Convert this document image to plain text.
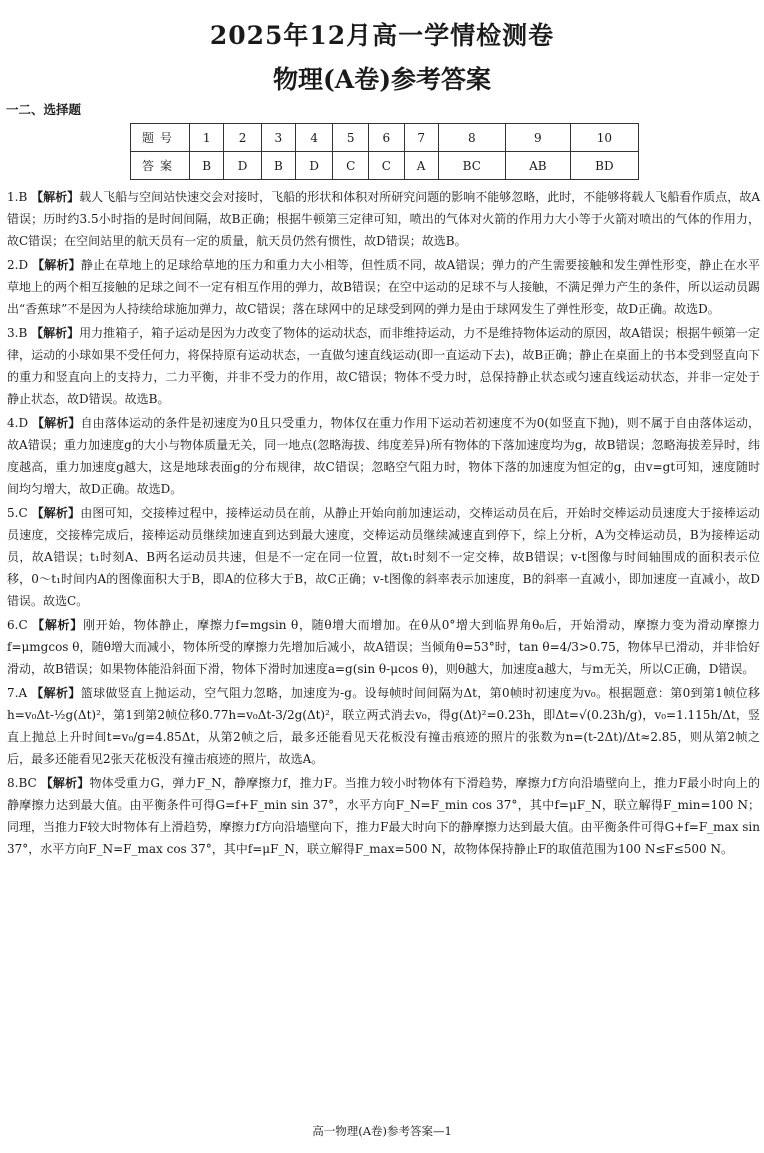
2025年12月高一学情检测卷
物理(A卷)参考答案
一二、选择题
题号	1	2	3	4	5	6	7	8	9	10
答案	B	D	B	D	C	C	A	BC	AB	BD
1.B 【解析】载人飞船与空间站快速交会对接时，飞船的形状和体积对所研究问题的影响不能够忽略，此时，不能够将载人飞船看作质点，故A错误；历时约3.5小时指的是时间间隔，故B正确；根据牛顿第三定律可知，喷出的气体对火箭的作用力大小等于火箭对喷出的气体的作用力，故C错误；在空间站里的航天员有一定的质量，航天员仍然有惯性，故D错误；故选B。
2.D 【解析】静止在草地上的足球给草地的压力和重力大小相等，但性质不同，故A错误；弹力的产生需要接触和发生弹性形变，静止在水平草地上的两个相互接触的足球之间不一定有相互作用的弹力，故B错误；在空中运动的足球不与人接触，不满足弹力产生的条件，所以运动员踢出“香蕉球”不是因为人持续给球施加弹力，故C错误；落在球网中的足球受到网的弹力是由于球网发生了弹性形变，故D正确。故选D。
3.B 【解析】用力推箱子，箱子运动是因为力改变了物体的运动状态，而非维持运动，力不是维持物体运动的原因，故A错误；根据牛顿第一定律，运动的小球如果不受任何力，将保持原有运动状态，一直做匀速直线运动(即一直运动下去)，故B正确；静止在桌面上的书本受到竖直向下的重力和竖直向上的支持力，二力平衡，并非不受力的作用，故C错误；物体不受力时，总保持静止状态或匀速直线运动状态，并非一定处于静止状态，故D错误。故选B。
4.D 【解析】自由落体运动的条件是初速度为0且只受重力，物体仅在重力作用下运动若初速度不为0(如竖直下抛)，则不属于自由落体运动，故A错误；重力加速度g的大小与物体质量无关，同一地点(忽略海拔、纬度差异)所有物体的下落加速度均为g，故B错误；忽略海拔差异时，纬度越高，重力加速度g越大，这是地球表面g的分布规律，故C错误；忽略空气阻力时，物体下落的加速度为恒定的g，由v=gt可知，速度随时间均匀增大，故D正确。故选D。
5.C 【解析】由图可知，交接棒过程中，接棒运动员在前，从静止开始向前加速运动，交棒运动员在后，开始时交棒运动员速度大于接棒运动员速度，交接棒完成后，接棒运动员继续加速直到达到最大速度，交棒运动员继续减速直到停下，综上分析，A为交棒运动员，B为接棒运动员，故A错误；t₁时刻A、B两名运动员共速，但是不一定在同一位置，故t₁时刻不一定交棒，故B错误；v-t图像与时间轴围成的面积表示位移，0～t₁时间内A的图像面积大于B，即A的位移大于B，故C正确；v-t图像的斜率表示加速度，B的斜率一直减小，即加速度一直减小，故D错误。故选C。
6.C 【解析】刚开始，物体静止，摩擦力f=mgsin θ，随θ增大而增加。在θ从0°增大到临界角θ₀后，开始滑动，摩擦力变为滑动摩擦力f=μmgcos θ，随θ增大而减小，物体所受的摩擦力先增加后减小，故A错误；当倾角θ=53°时，tan θ=4/3>0.75，物体早已滑动，并非恰好滑动，故B错误；如果物体能沿斜面下滑，物体下滑时加速度a=g(sin θ-μcos θ)，则θ越大，加速度a越大，与m无关，所以C正确，D错误。
7.A 【解析】篮球做竖直上抛运动，空气阻力忽略，加速度为-g。设每帧时间间隔为Δt，第0帧时初速度为v₀。根据题意：第0到第1帧位移h=v₀Δt-½g(Δt)²，第1到第2帧位移0.77h=v₀Δt-3/2g(Δt)²，联立两式消去v₀，得g(Δt)²=0.23h，即Δt=√(0.23h/g)，v₀=1.115h/Δt，竖直上抛总上升时间t=v₀/g=4.85Δt，从第2帧之后，最多还能看见天花板没有撞击痕迹的照片的张数为n=(t-2Δt)/Δt≈2.85，则从第2帧之后，最多还能看见2张天花板没有撞击痕迹的照片，故选A。
8.BC 【解析】物体受重力G，弹力F_N，静摩擦力f，推力F。当推力较小时物体有下滑趋势，摩擦力f方向沿墙壁向上，推力F最小时向上的静摩擦力达到最大值。由平衡条件可得G=f+F_min sin 37°，水平方向F_N=F_min cos 37°，其中f=μF_N，联立解得F_min=100 N；同理，当推力F较大时物体有上滑趋势，摩擦力f方向沿墙壁向下，推力F最大时向下的静摩擦力达到最大值。由平衡条件可得G+f=F_max sin 37°，水平方向F_N=F_max cos 37°，其中f=μF_N，联立解得F_max=500 N，故物体保持静止F的取值范围为100 N≤F≤500 N。
高一物理(A卷)参考答案—1
